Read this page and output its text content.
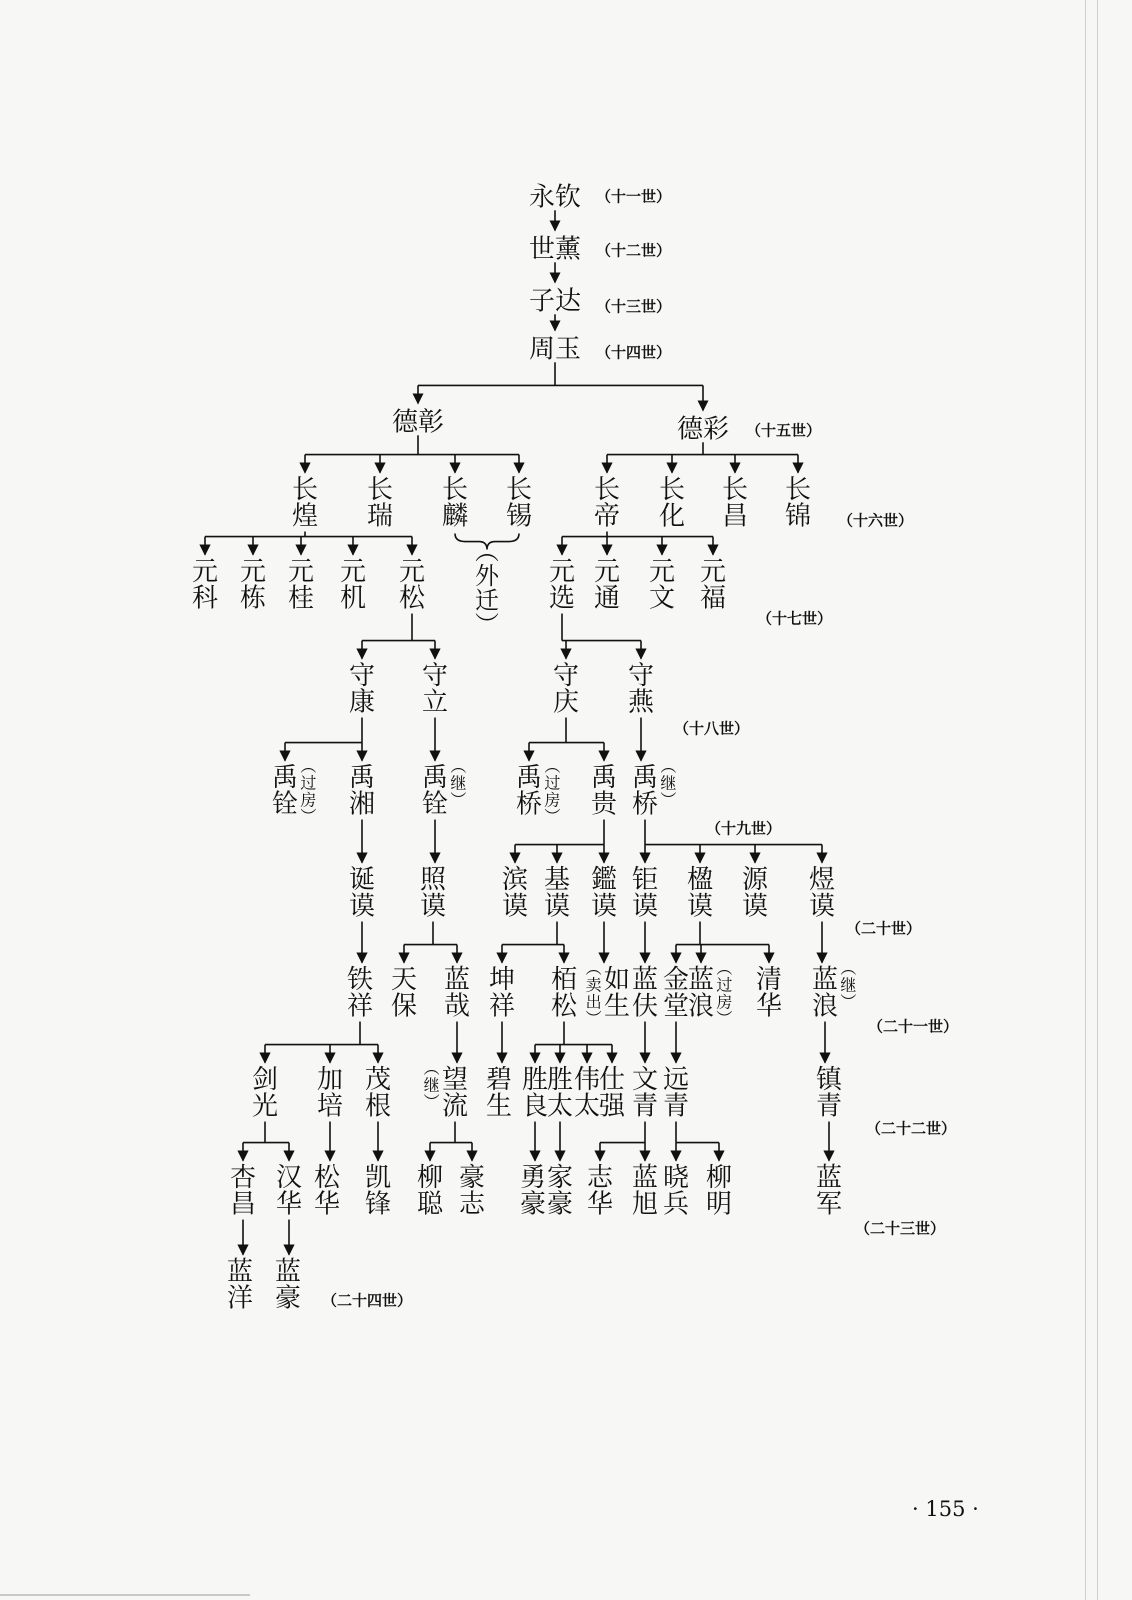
永钦
世薰
子达
周玉
德彰	德彩
长煌
长瑞
长麟
长锡
长帝
长化
长昌
长锦
元科
元栋
元桂
元机
元松
元选
元通
元文
元福
守康
守立
守庆
守燕
禹铨
︵过房︶
禹湘
禹铨
︵继︶
禹桥
︵过房︶
禹贵
禹桥
︵继︶
诞谟
照谟
滨谟
基谟
鑑谟
钜谟
楹谟
源谟
煜谟
铁祥
天保
蓝哉
坤祥
栢松
如生
︵卖出︶
蓝伕
金堂
蓝浪
︵过房︶
清华
蓝浪
︵继︶
剑光
加培
茂根
望流
︵继︶
碧生
胜良
胜太
伟太
仕强
文青
远青
镇青
杏昌
汉华
松华
凯锋
柳聪
豪志
勇豪
家豪
志华
蓝旭
晓兵
柳明
蓝军
蓝洋
蓝豪
（十一世）
（十二世）
（十三世）
（十四世）
（十五世）
（十六世）
（十七世）
（十八世）
（十九世）
（二十世）
（二十一世）
（二十二世）
（二十三世）
（二十四世）
︵外迁︶
· 155 ·
